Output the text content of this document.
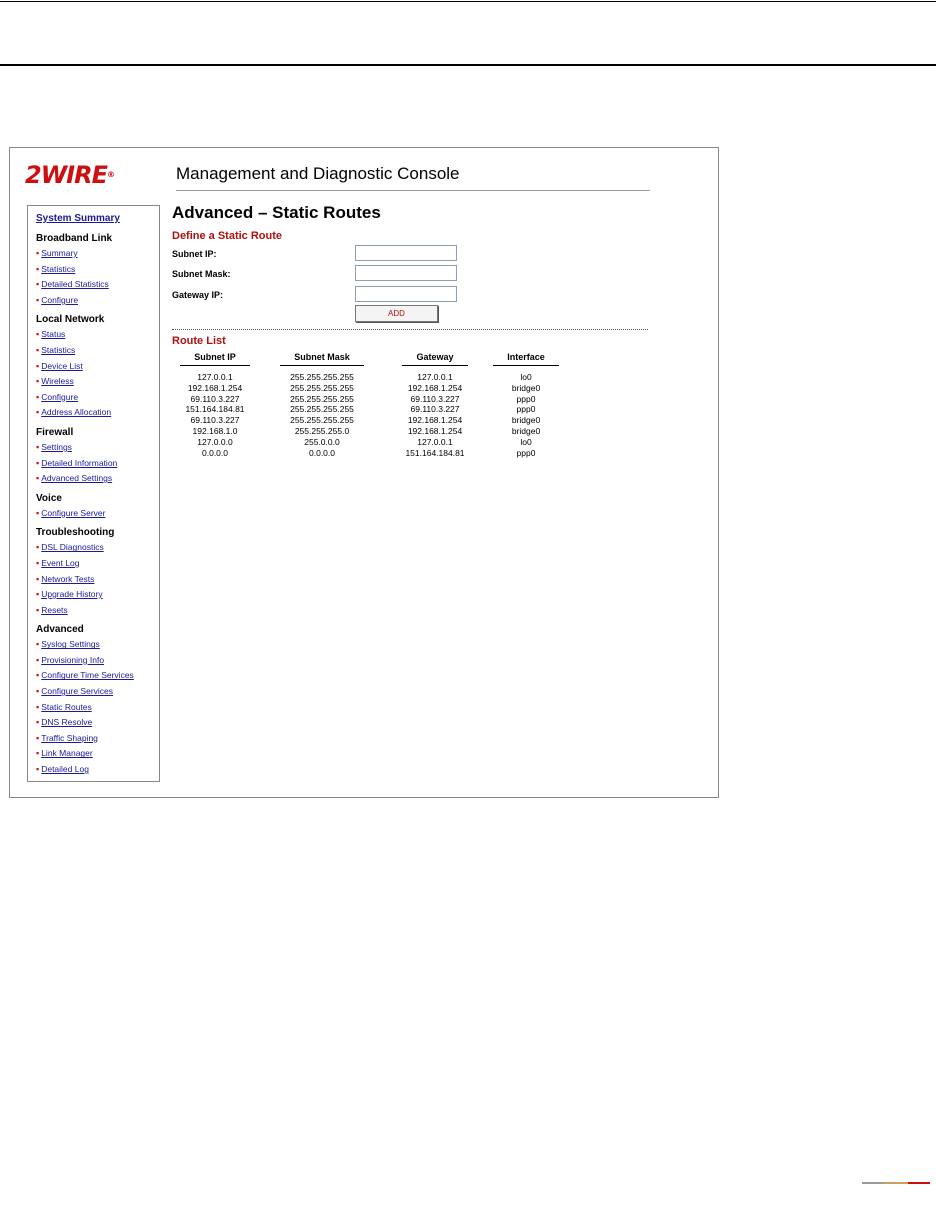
2WIRE®	Management and Diagnostic Console
System Summary
Broadband Link
▪ Summary
▪ Statistics
▪ Detailed Statistics
▪ Configure
Local Network
▪ Status
▪ Statistics
▪ Device List
▪ Wireless
▪ Configure
▪ Address Allocation
Firewall
▪ Settings
▪ Detailed Information
▪ Advanced Settings
Voice
▪ Configure Server
Troubleshooting
▪ DSL Diagnostics
▪ Event Log
▪ Network Tests
▪ Upgrade History
▪ Resets
Advanced
▪ Syslog Settings
▪ Provisioning Info
▪ Configure Time Services
▪ Configure Services
▪ Static Routes
▪ DNS Resolve
▪ Traffic Shaping
▪ Link Manager
▪ Detailed Log
Advanced – Static Routes
Define a Static Route
Subnet IP:
Subnet Mask:
Gateway IP:
ADD
Route List
Subnet IP	Subnet Mask	Gateway	Interface
127.0.0.1	255.255.255.255	127.0.0.1	lo0
192.168.1.254	255.255.255.255	192.168.1.254	bridge0
69.110.3.227	255.255.255.255	69.110.3.227	ppp0
151.164.184.81	255.255.255.255	69.110.3.227	ppp0
69.110.3.227	255.255.255.255	192.168.1.254	bridge0
192.168.1.0	255.255.255.0	192.168.1.254	bridge0
127.0.0.0	255.0.0.0	127.0.0.1	lo0
0.0.0.0	0.0.0.0	151.164.184.81	ppp0
